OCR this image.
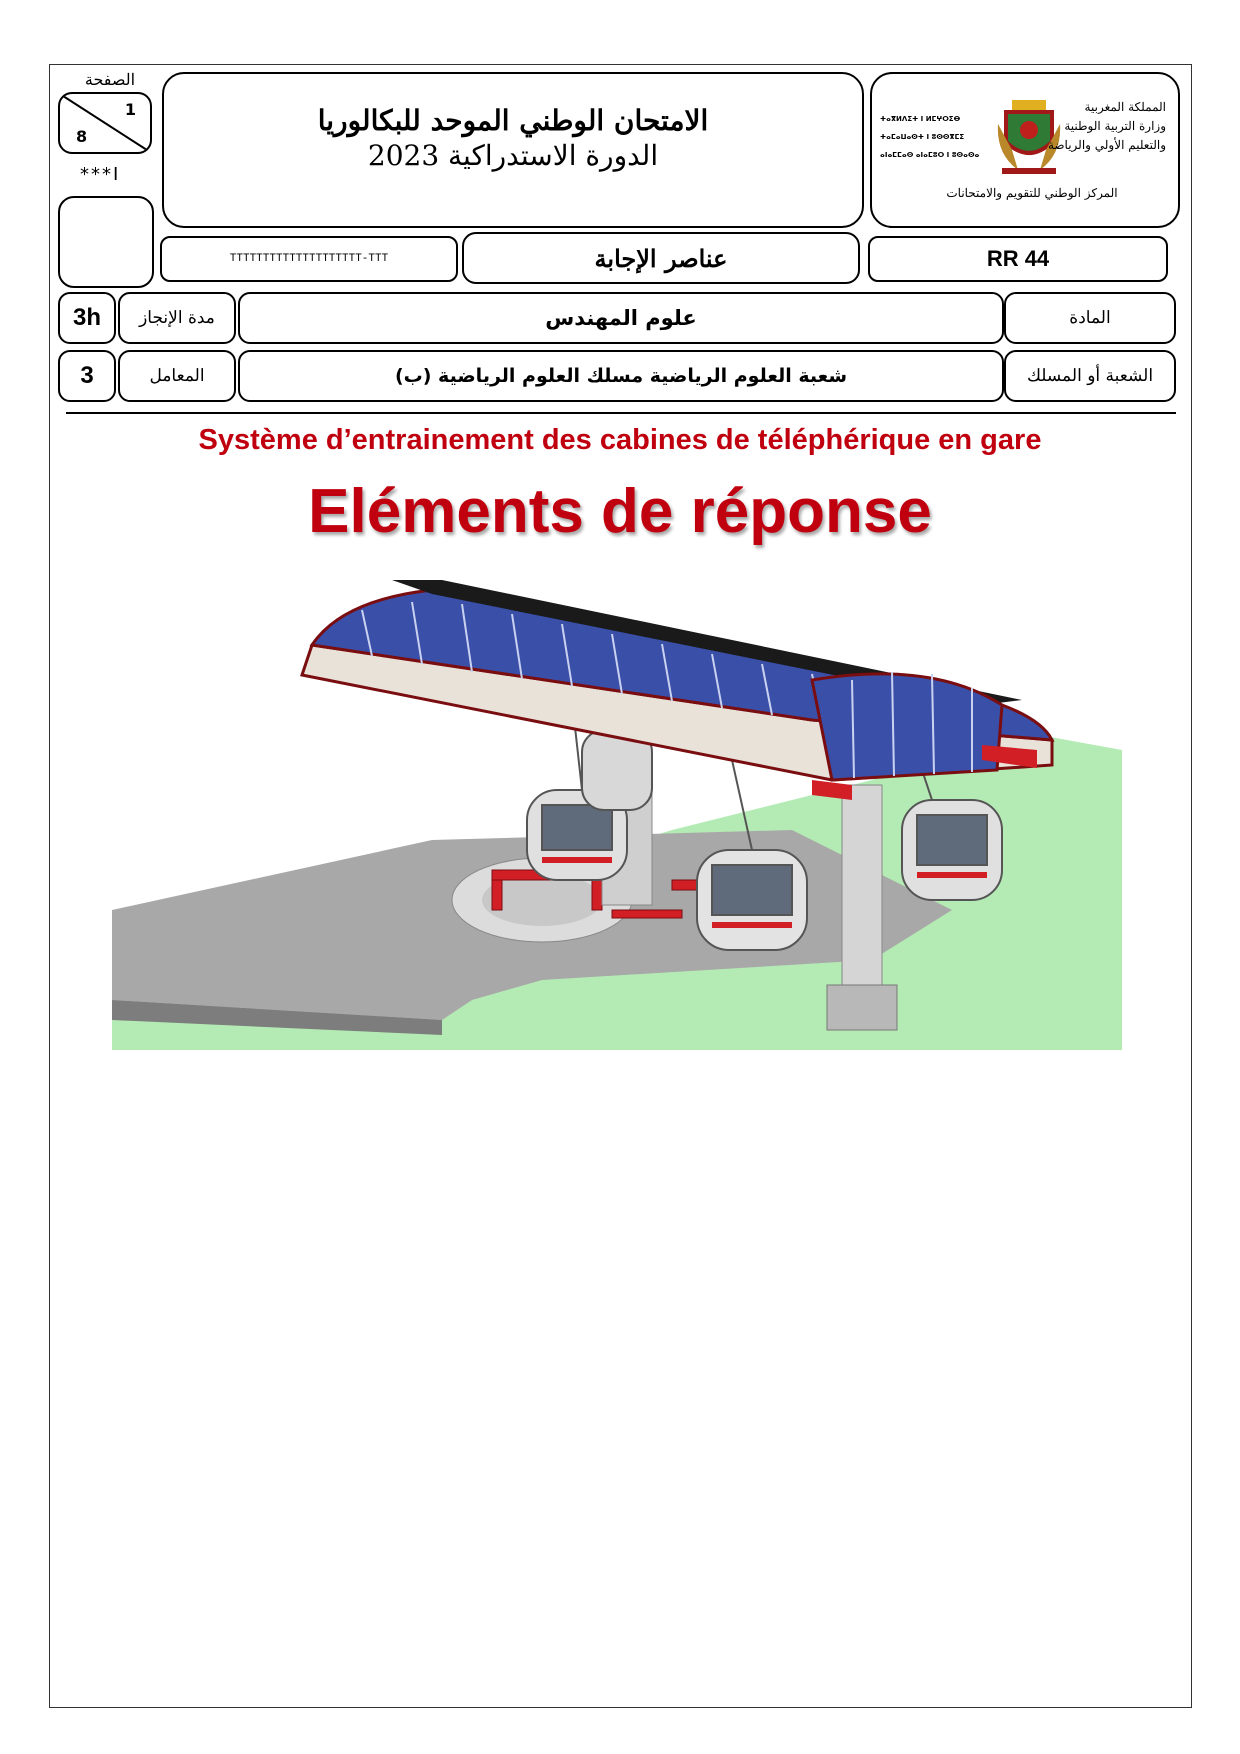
الصفحة
1
8
***I
الامتحان الوطني الموحد للبكالوريا
الدورة الاستدراكية 2023
ⵜⴰⴳⵍⴷⵉⵜ ⵏ ⵍⵎⵖⵔⵉⴱ
ⵜⴰⵎⴰⵡⴰⵙⵜ ⵏ ⵓⵙⵙⴳⵎⵉ
ⴰⵏⴰⵎⵎⴰⵙ ⴰⵏⴰⵎⵓⵔ ⵏ ⵓⵙⴰⵙⴰ
المملكة المغربية
وزارة التربية الوطنية
والتعليم الأولي والرياضة
المركز الوطني للتقويم والامتحانات
TTTTTTTTTTTTTTTTTTTT-TTT	عناصر الإجابة	RR 44
3h مدة الإنجاز	علوم المهندس	المادة
3	المعامل	شعبة العلوم الرياضية مسلك العلوم الرياضية (ب)	الشعبة أو المسلك
Système d’entrainement des cabines de téléphérique en gare
Eléments de réponse
